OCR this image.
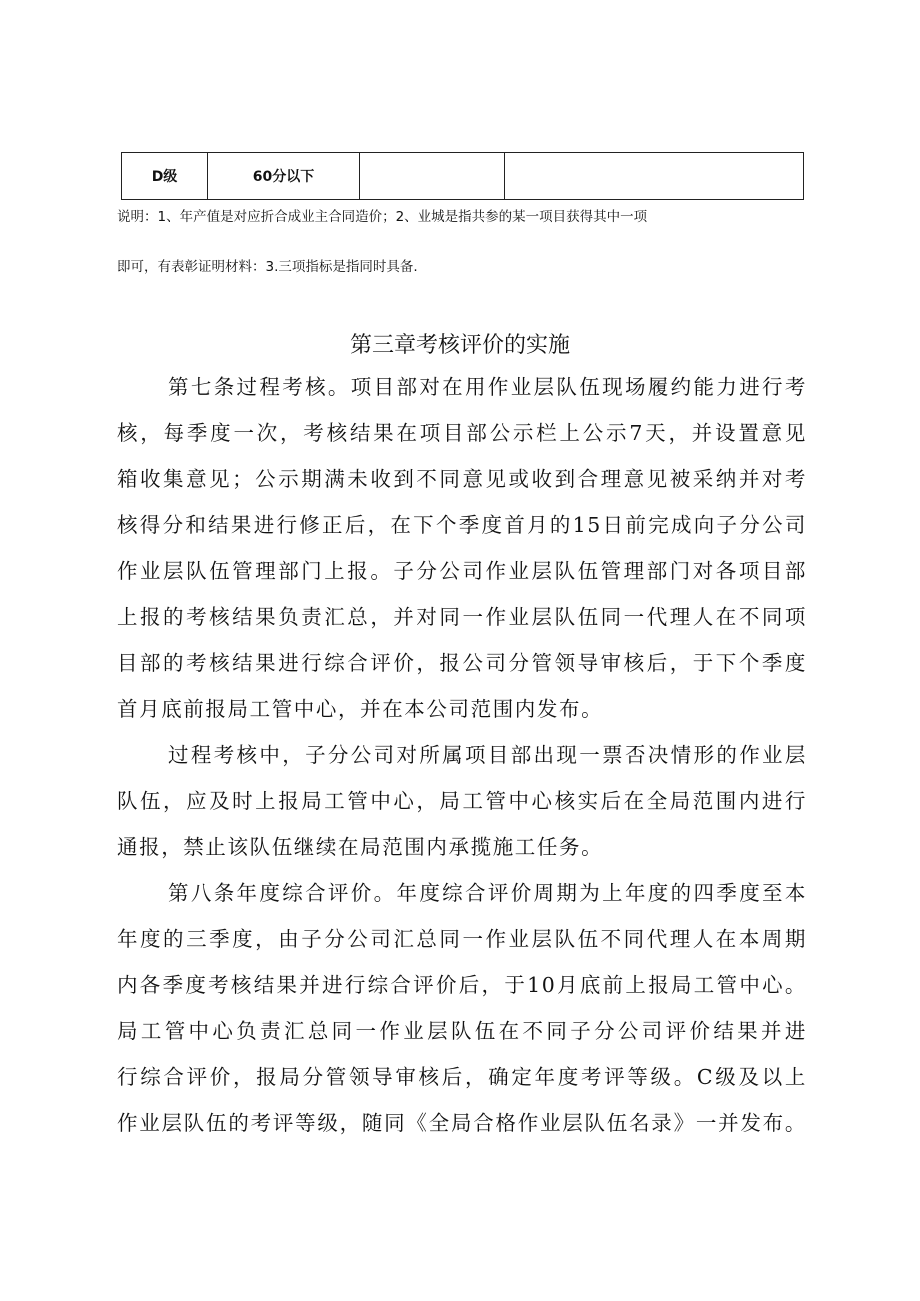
D级	60分以下		
说明：1、年产值是对应折合成业主合同造价；2、业城是指共参的某一项目获得其中一项
即可，有表彰证明材料：3.三项指标是指同时具备.
第三章考核评价的实施
第七条过程考核。项目部对在用作业层队伍现场履约能力进行考
核，每季度一次，考核结果在项目部公示栏上公示7天，并设置意见
箱收集意见；公示期满未收到不同意见或收到合理意见被采纳并对考
核得分和结果进行修正后，在下个季度首月的15日前完成向子分公司
作业层队伍管理部门上报。子分公司作业层队伍管理部门对各项目部
上报的考核结果负责汇总，并对同一作业层队伍同一代理人在不同项
目部的考核结果进行综合评价，报公司分管领导审核后，于下个季度
首月底前报局工管中心，并在本公司范围内发布。
过程考核中，子分公司对所属项目部出现一票否决情形的作业层
队伍，应及时上报局工管中心，局工管中心核实后在全局范围内进行
通报，禁止该队伍继续在局范围内承揽施工任务。
第八条年度综合评价。年度综合评价周期为上年度的四季度至本
年度的三季度，由子分公司汇总同一作业层队伍不同代理人在本周期
内各季度考核结果并进行综合评价后，于10月底前上报局工管中心。
局工管中心负责汇总同一作业层队伍在不同子分公司评价结果并进
行综合评价，报局分管领导审核后，确定年度考评等级。C级及以上
作业层队伍的考评等级，随同《全局合格作业层队伍名录》一并发布。
